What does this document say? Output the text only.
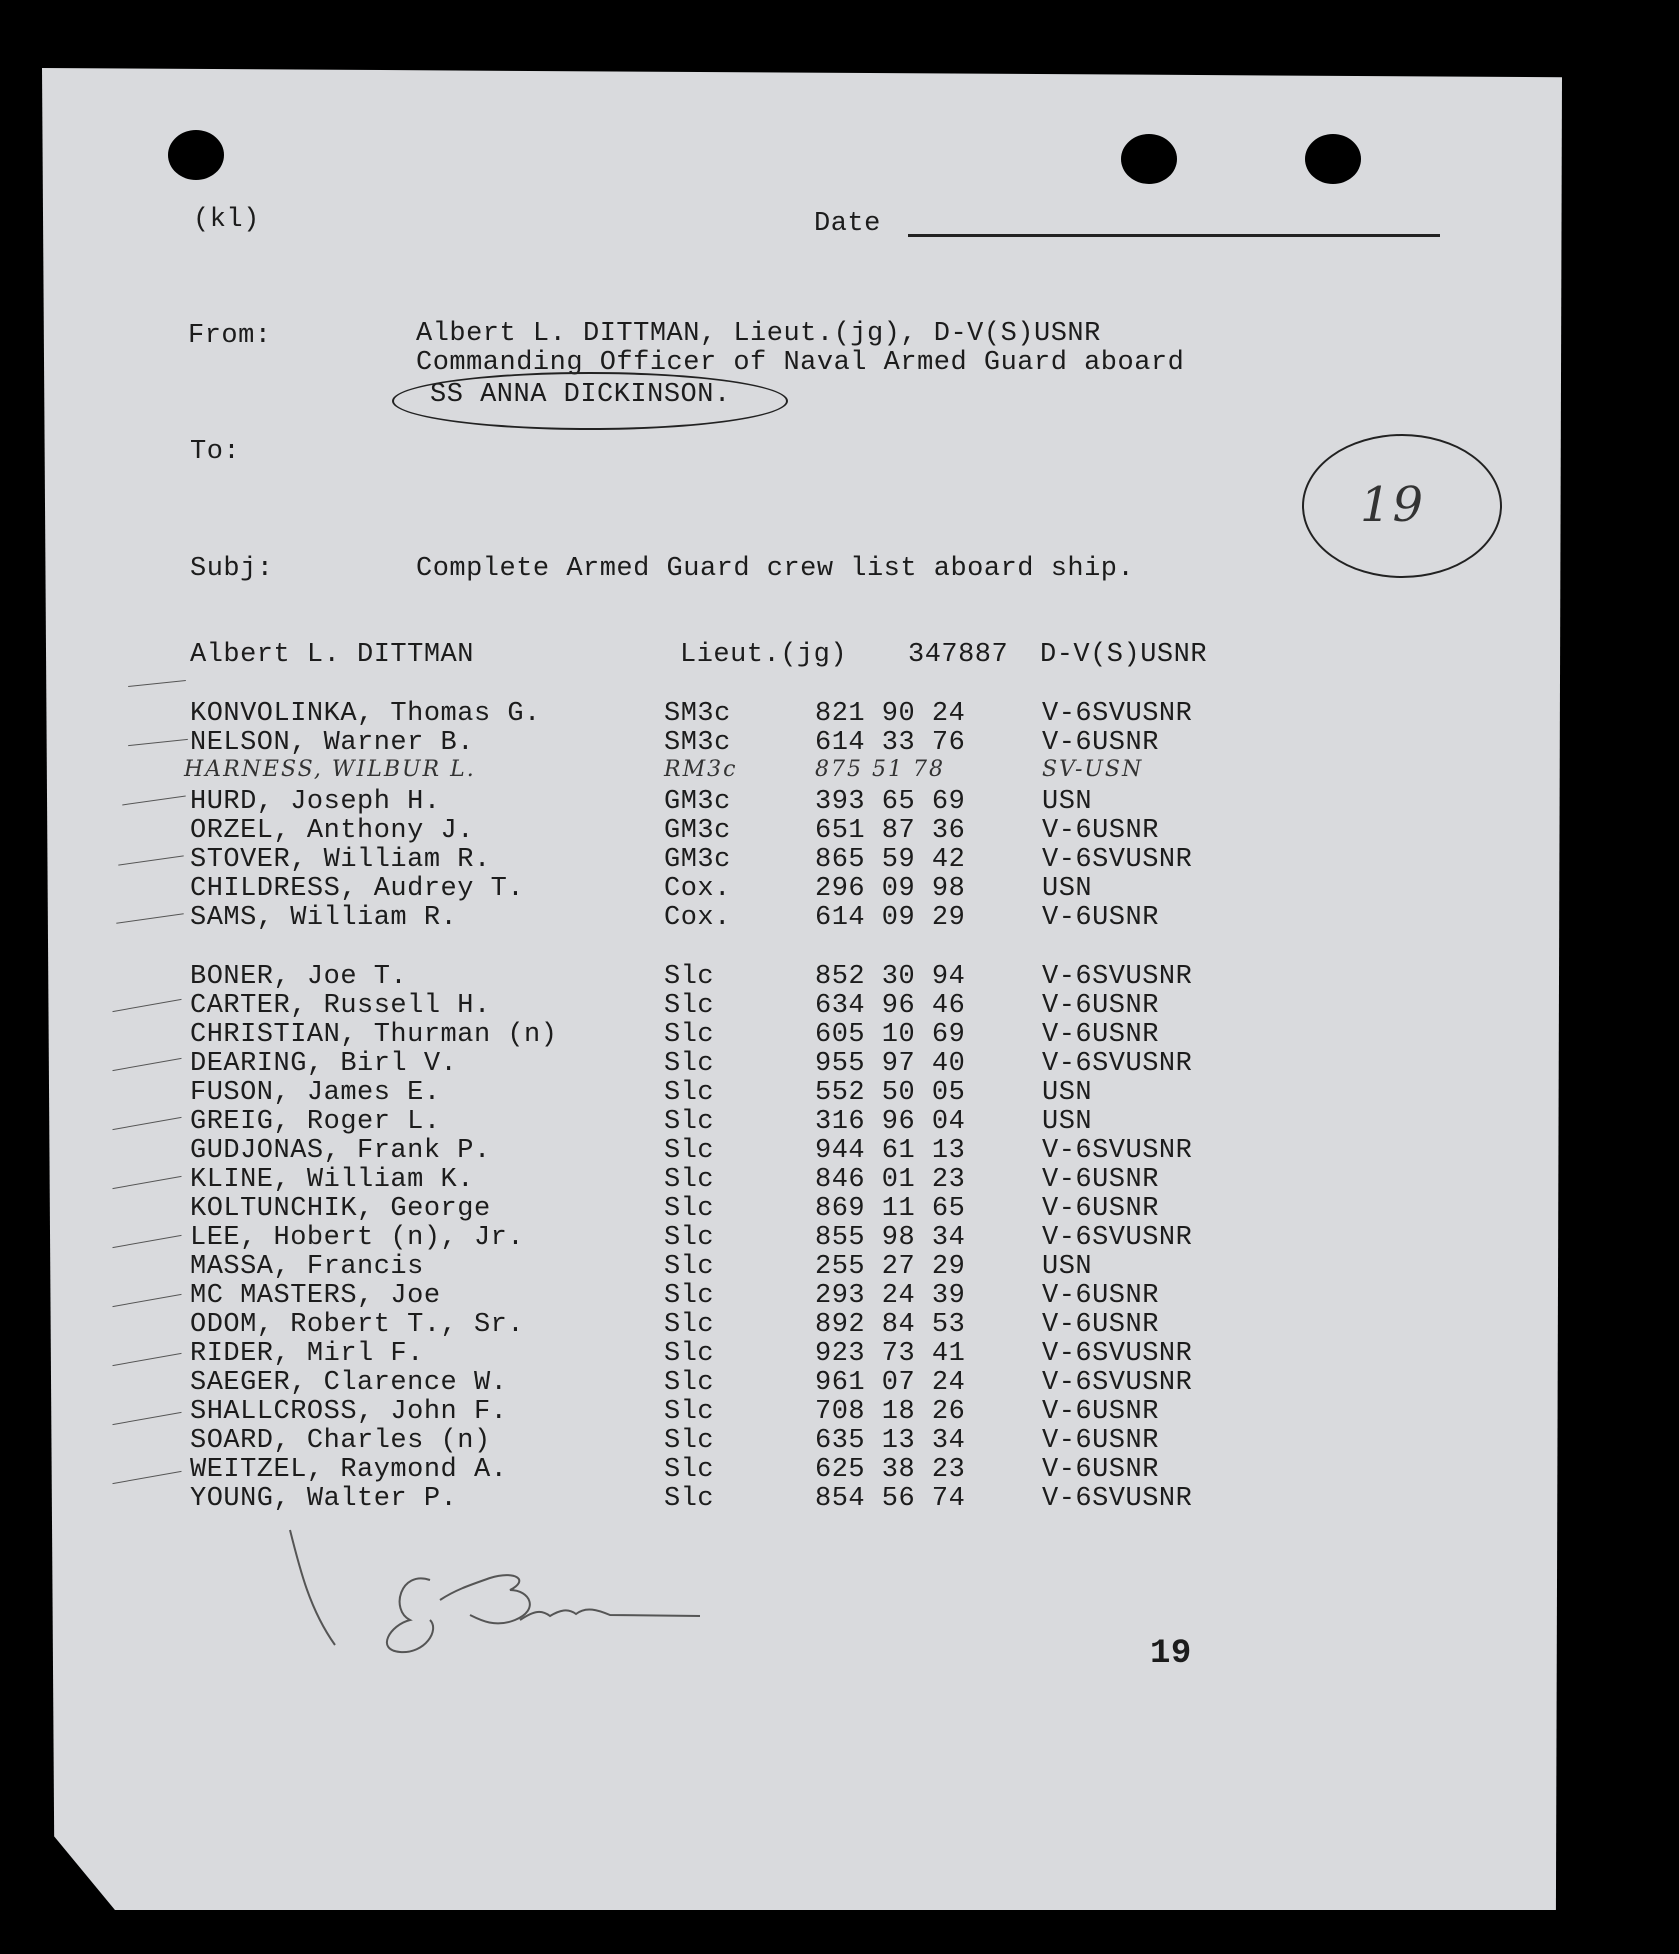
(kl)	Date
From:	Albert L. DITTMAN, Lieut.(jg), D-V(S)USNR
Commanding Officer of Naval Armed Guard aboard
SS ANNA DICKINSON.
To:
Subj:	Complete Armed Guard crew list aboard ship.
19
Albert L. DITTMAN	Lieut.(jg) 347887 D-V(S)USNR
KONVOLINKA, Thomas G.	SM3c	821 90 24	V-6SVUSNR
NELSON, Warner B.	SM3c	614 33 76	V-6USNR
HARNESS, WILBUR L.	RM3c	875 51 78	SV-USN
HURD, Joseph H.	GM3c	393 65 69	USN
ORZEL, Anthony J.	GM3c	651 87 36	V-6USNR
STOVER, William R.	GM3c	865 59 42	V-6SVUSNR
CHILDRESS, Audrey T.	Cox.	296 09 98	USN
SAMS, William R.	Cox.	614 09 29	V-6USNR
BONER, Joe T.	Slc	852 30 94	V-6SVUSNR
CARTER, Russell H.	Slc	634 96 46	V-6USNR
CHRISTIAN, Thurman (n)	Slc	605 10 69	V-6USNR
DEARING, Birl V.	Slc	955 97 40	V-6SVUSNR
FUSON, James E.	Slc	552 50 05	USN
GREIG, Roger L.	Slc	316 96 04	USN
GUDJONAS, Frank P.	Slc	944 61 13	V-6SVUSNR
KLINE, William K.	Slc	846 01 23	V-6USNR
KOLTUNCHIK, George	Slc	869 11 65	V-6USNR
LEE, Hobert (n), Jr.	Slc	855 98 34	V-6SVUSNR
MASSA, Francis	Slc	255 27 29	USN
MC MASTERS, Joe	Slc	293 24 39	V-6USNR
ODOM, Robert T., Sr.	Slc	892 84 53	V-6USNR
RIDER, Mirl F.	Slc	923 73 41	V-6SVUSNR
SAEGER, Clarence W.	Slc	961 07 24	V-6SVUSNR
SHALLCROSS, John F.	Slc	708 18 26	V-6USNR
SOARD, Charles (n)	Slc	635 13 34	V-6USNR
WEITZEL, Raymond A.	Slc	625 38 23	V-6USNR
YOUNG, Walter P.	Slc	854 56 74	V-6SVUSNR
19
